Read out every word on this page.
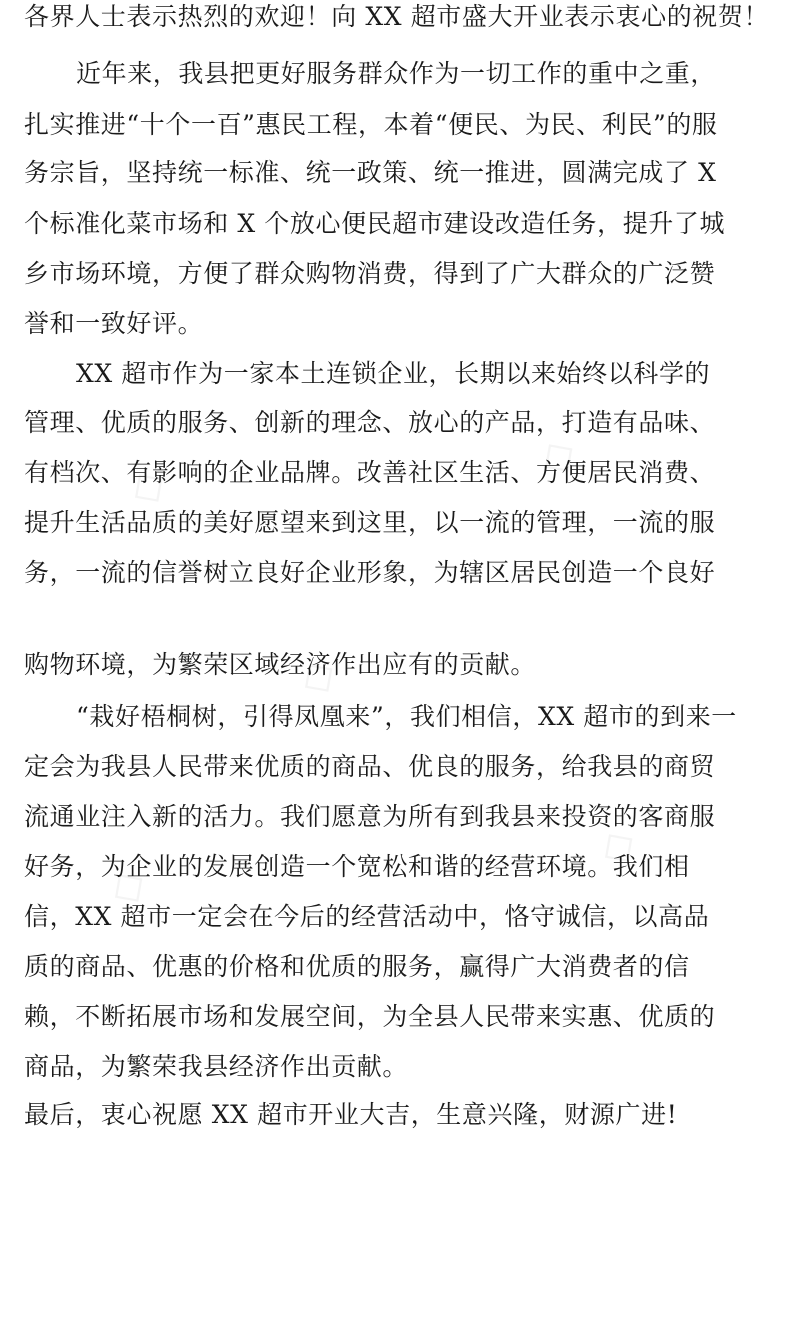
各界人士表示热烈的欢迎！向 XX 超市盛大开业表示衷心的祝贺！
近年来，我县把更好服务群众作为一切工作的重中之重，
扎实推进“十个一百”惠民工程，本着“便民、为民、利民”的服
务宗旨，坚持统一标准、统一政策、统一推进，圆满完成了 X
个标准化菜市场和 X 个放心便民超市建设改造任务，提升了城
乡市场环境，方便了群众购物消费，得到了广大群众的广泛赞
誉和一致好评。
XX 超市作为一家本土连锁企业，长期以来始终以科学的
管理、优质的服务、创新的理念、放心的产品，打造有品味、
有档次、有影响的企业品牌。改善社区生活、方便居民消费、
提升生活品质的美好愿望来到这里，以一流的管理，一流的服
务，一流的信誉树立良好企业形象，为辖区居民创造一个良好
购物环境，为繁荣区域经济作出应有的贡献。
“栽好梧桐树，引得凤凰来”，我们相信，XX 超市的到来一
定会为我县人民带来优质的商品、优良的服务，给我县的商贸
流通业注入新的活力。我们愿意为所有到我县来投资的客商服
好务，为企业的发展创造一个宽松和谐的经营环境。我们相
信，XX 超市一定会在今后的经营活动中，恪守诚信，以高品
质的商品、优惠的价格和优质的服务，赢得广大消费者的信
赖，不断拓展市场和发展空间，为全县人民带来实惠、优质的
商品，为繁荣我县经济作出贡献。
最后，衷心祝愿 XX 超市开业大吉，生意兴隆，财源广进!
